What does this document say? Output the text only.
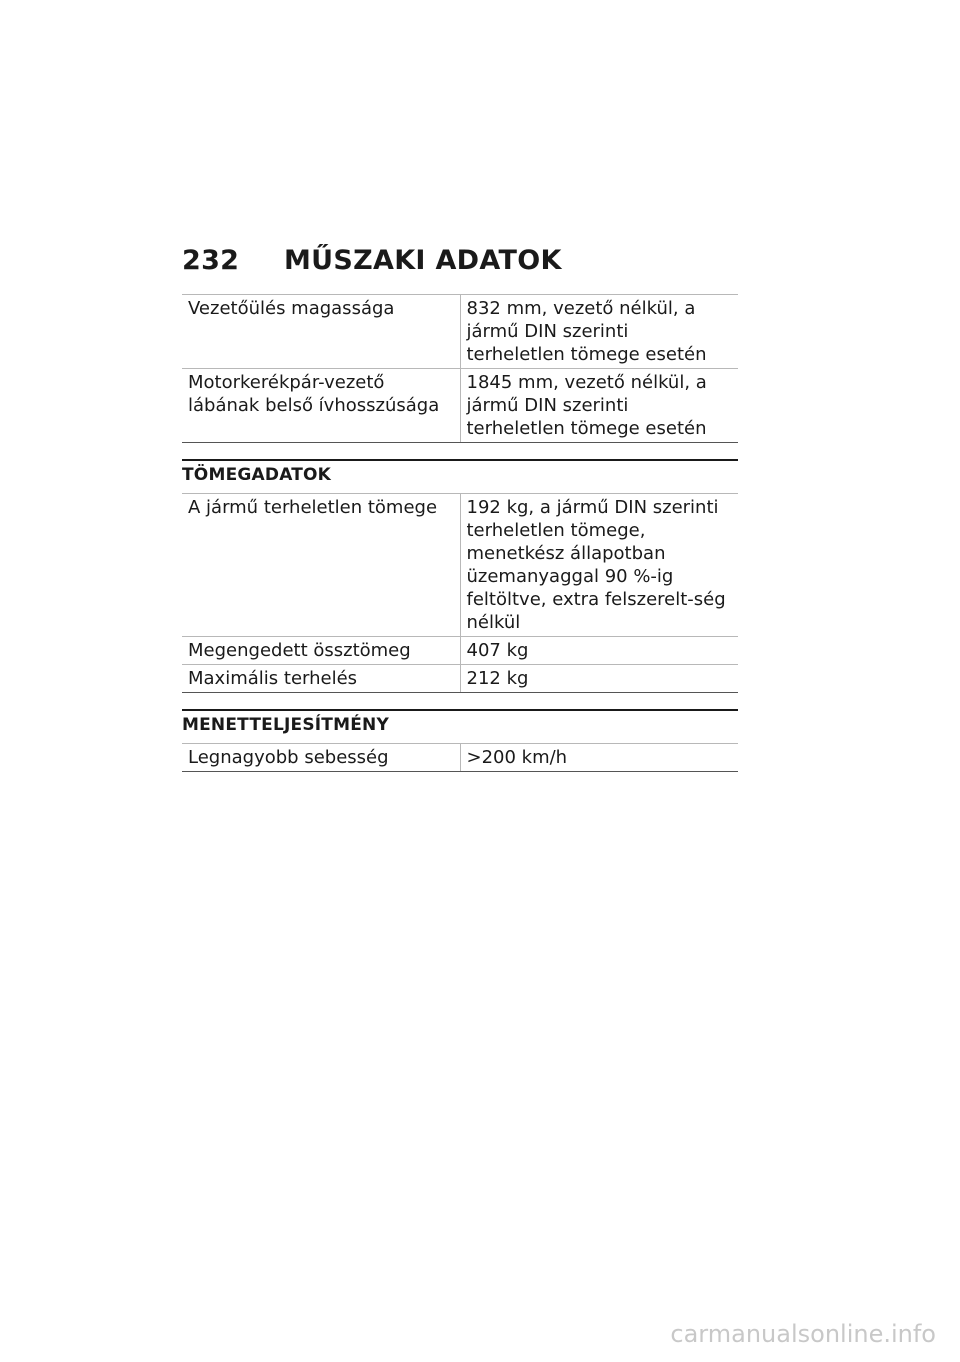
232	MŰSZAKI ADATOK
Vezetőülés magassága	832 mm, vezető nélkül, a jármű DIN szerinti terheletlen tömege esetén
Motorkerékpár-vezető lábának belső ívhosszúsága	1845 mm, vezető nélkül, a jármű DIN szerinti terheletlen tömege esetén
TÖMEGADATOK
A jármű terheletlen tömege	192 kg, a jármű DIN szerinti terheletlen tömege, menetkész állapotban üzemanyaggal 90 %-ig feltöltve, extra felszerelt-ség nélkül
Megengedett össztömeg	407 kg
Maximális terhelés	212 kg
MENETTELJESÍTMÉNY
Legnagyobb sebesség	>200 km/h
carmanualsonline.info
